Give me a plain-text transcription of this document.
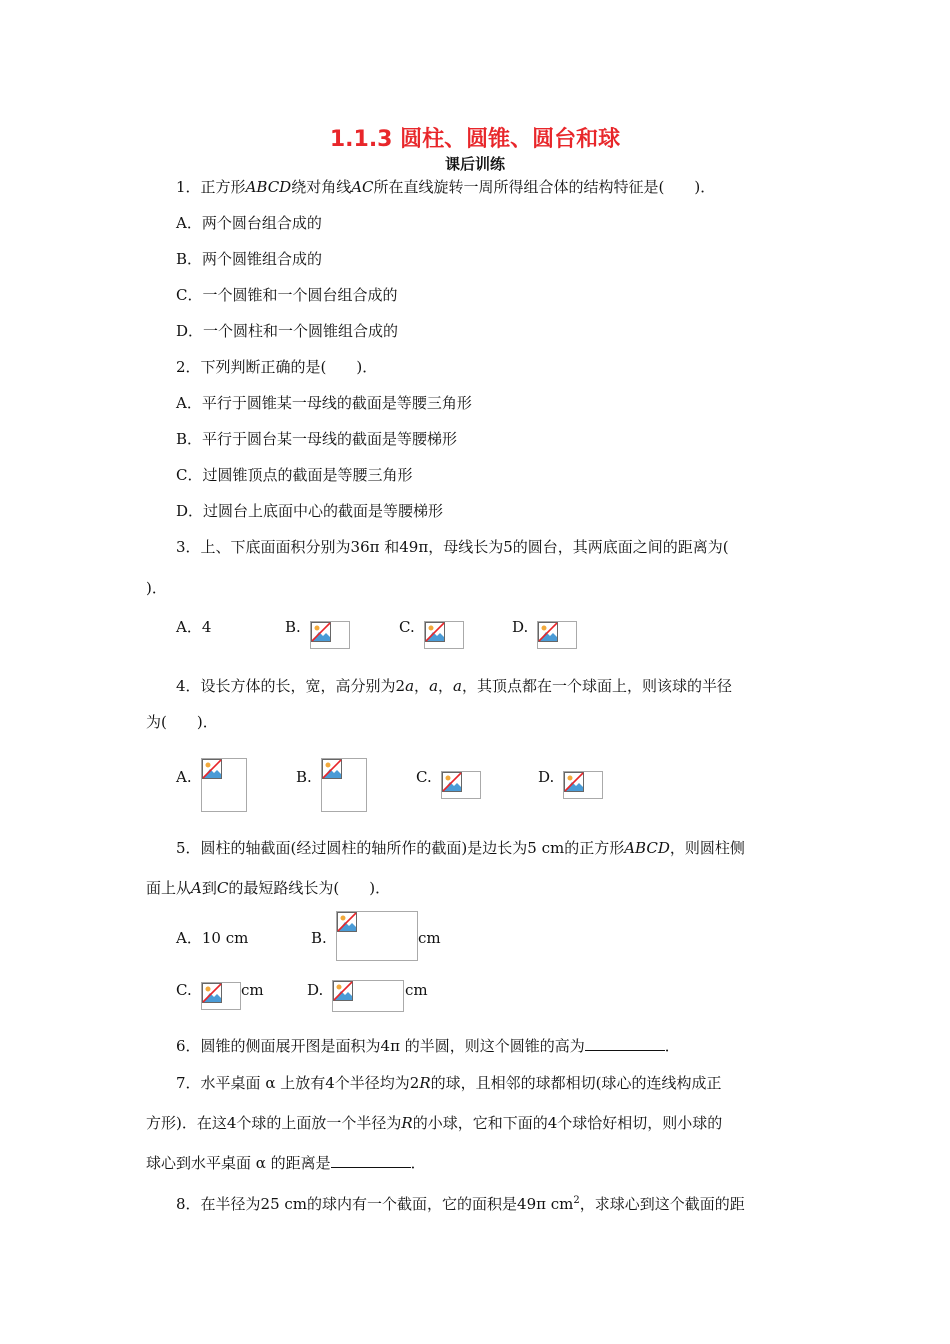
1.1.3 圆柱、圆锥、圆台和球
课后训练
1．正方形ABCD绕对角线AC所在直线旋转一周所得组合体的结构特征是(　　)．
A．两个圆台组合成的
B．两个圆锥组合成的
C．一个圆锥和一个圆台组合成的
D．一个圆柱和一个圆锥组合成的
2．下列判断正确的是(　　)．
A．平行于圆锥某一母线的截面是等腰三角形
B．平行于圆台某一母线的截面是等腰梯形
C．过圆锥顶点的截面是等腰三角形
D．过圆台上底面中心的截面是等腰梯形
3．上、下底面面积分别为36π 和49π，母线长为5的圆台，其两底面之间的距离为(
)．
A．4	B.	C.	D.
4．设长方体的长，宽，高分别为2a，a，a，其顶点都在一个球面上，则该球的半径
为(　　)．
A.	B.	C.	D.
5．圆柱的轴截面(经过圆柱的轴所作的截面)是边长为5 cm的正方形ABCD，则圆柱侧
面上从A到C的最短路线长为(　　)．
A．10 cm	B.	cm
C.	cm	D.	cm
6．圆锥的侧面展开图是面积为4π 的半圆，则这个圆锥的高为	．
7．水平桌面 α 上放有4个半径均为2R的球，且相邻的球都相切(球心的连线构成正
方形)．在这4个球的上面放一个半径为R的小球，它和下面的4个球恰好相切，则小球的
球心到水平桌面 α 的距离是	．
8．在半径为25 cm的球内有一个截面，它的面积是49π $cm^2$，求球心到这个截面的距
